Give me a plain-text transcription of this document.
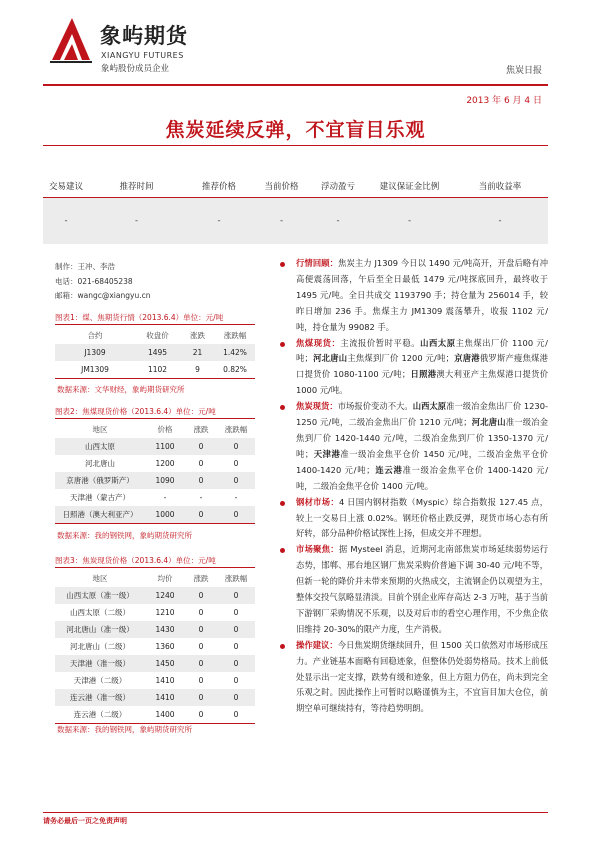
象屿期货
XIANGYU FUTURES
象屿股份成员企业	焦炭日报
2013 年 6 月 4 日
焦炭延续反弹，不宜盲目乐观
交易建议	推荐时间	推荐价格	当前价格	浮动盈亏	建议保证金比例	当前收益率
-	-	-	-	-	-	-
制作：王冲、李浩
电话：021-68405238
邮箱：wangc@xiangyu.cn
图表1：煤、焦期货行情（2013.6.4）单位：元/吨
合约	收盘价	涨跌	涨跌幅
J1309	1495	21	1.42%
JM1309	1102	9	0.82%
数据来源：文华财经，象屿期货研究所
图表2：焦煤现货价格（2013.6.4）单位：元/吨
地区	价格	涨跌	涨跌幅
山西太原	1100	0	0
河北唐山	1200	0	0
京唐港（俄罗斯产）	1090	0	0
天津港（蒙古产）	-	-	-
日照港（澳大利亚产）	1000	0	0
数据来源：我的钢铁网，象屿期货研究所
图表3：焦炭现货价格（2013.6.4）单位：元/吨
地区	均价	涨跌	涨跌幅
山西太原（准一级）	1240	0	0
山西太原（二级）	1210	0	0
河北唐山（准一级）	1430	0	0
河北唐山（二级）	1360	0	0
天津港（准一级）	1450	0	0
天津港（二级）	1410	0	0
连云港（准一级）	1410	0	0
连云港（二级）	1400	0	0
数据来源：我的钢铁网，象屿期货研究所
行情回顾：焦炭主力 J1309 今日以 1490 元/吨高开，开盘后略有冲高便震荡回落，午后至全日最低 1479 元/吨探底回升，最终收于 1495 元/吨。全日共成交 1193790 手；持仓量为 256014 手，较昨日增加 236 手。焦煤主力 JM1309 震荡攀升，收报 1102 元/吨，持仓量为 99082 手。
焦煤现货：主流报价暂时平稳。山西太原主焦煤出厂价 1100 元/吨；河北唐山主焦煤到厂价 1200 元/吨；京唐港俄罗斯产瘦焦煤港口提货价 1080-1100 元/吨；日照港澳大利亚产主焦煤港口提货价 1000 元/吨。
焦炭现货：市场报价变动不大。山西太原准一级冶金焦出厂价 1230-1250 元/吨，二级冶金焦出厂价 1210 元/吨；河北唐山准一级冶金焦到厂价 1420-1440 元/吨，二级冶金焦到厂价 1350-1370 元/吨；天津港准一级冶金焦平仓价 1450 元/吨，二级冶金焦平仓价 1400-1420 元/吨；连云港准一级冶金焦平仓价 1400-1420 元/吨，二级冶金焦平仓价 1400 元/吨。
钢材市场：4 日国内钢材指数（Myspic）综合指数报 127.45 点，较上一交易日上涨 0.02%。钢坯价格止跌反弹，现货市场心态有所好转，部分品种价格试探性上扬，但成交并不理想。
市场聚焦：据 Mysteel 消息，近期河北南部焦炭市场延续弱势运行态势，邯郸、邢台地区钢厂焦炭采购价普遍下调 30-40 元/吨不等，但新一轮的降价并未带来预期的火热成交，主流钢企仍以观望为主，整体交投气氛略显清淡。目前个别企业库存高达 2-3 万吨，基于当前下游钢厂采购情况不乐观，以及对后市的看空心理作用，不少焦企依旧维持 20-30%的限产力度，生产消极。
操作建议：今日焦炭期货继续回升，但 1500 关口依然对市场形成压力。产业链基本面略有回稳迹象，但整体仍处弱势格局。技术上前低处显示出一定支撑，跌势有缓和迹象，但上方阻力仍在，尚未到完全乐观之时。因此操作上可暂时以略谨慎为主，不宜盲目加大仓位，前期空单可继续持有，等待趋势明朗。
请务必最后一页之免责声明
